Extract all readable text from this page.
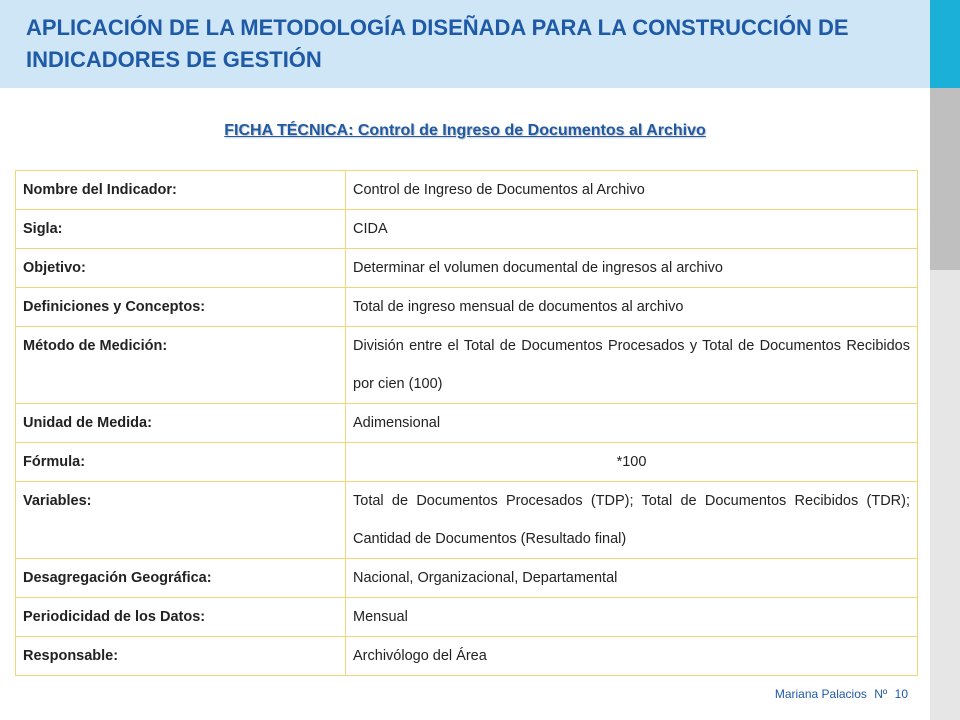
APLICACIÓN DE LA METODOLOGÍA DISEÑADA PARA LA CONSTRUCCIÓN DE INDICADORES DE GESTIÓN
FICHA TÉCNICA: Control de Ingreso de Documentos al Archivo
Nombre del Indicador:	Control de Ingreso de Documentos al Archivo
Sigla:	CIDA
Objetivo:	Determinar el volumen documental de ingresos al archivo
Definiciones y Conceptos:	Total de ingreso mensual de documentos al archivo
Método de Medición:	División entre el Total de Documentos Procesados y Total de Documentos Recibidos por cien (100)
Unidad de Medida:	Adimensional
Fórmula:	*100
Variables:	Total de Documentos Procesados (TDP); Total de Documentos Recibidos (TDR); Cantidad de Documentos (Resultado final)
Desagregación Geográfica:	Nacional, Organizacional, Departamental
Periodicidad de los Datos:	Mensual
Responsable:	Archivólogo del Área
Mariana Palacios Nº 10
